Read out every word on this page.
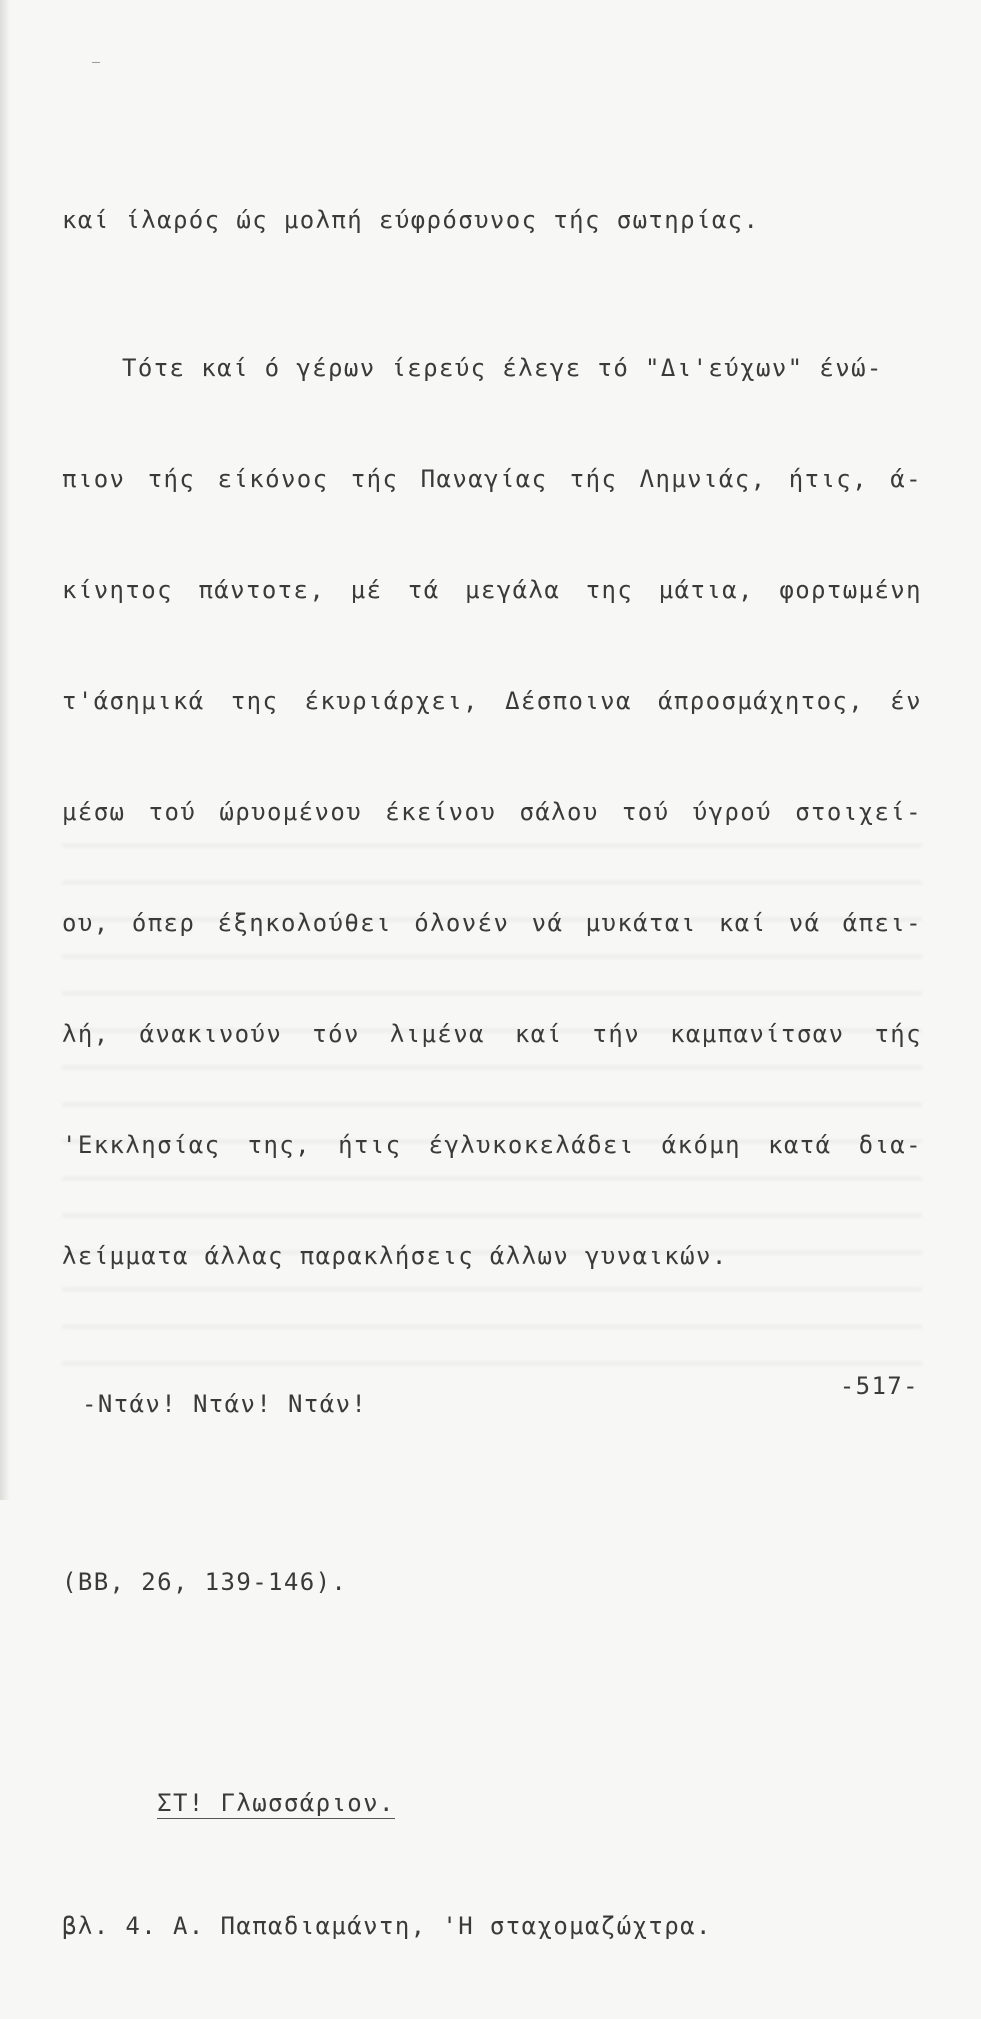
καί ίλαρός ώς μολπή εύφρόσυνος τής σωτηρίας.

Τότε καί ό γέρων ίερεύς έλεγε τό "Δι'εύχων" ένώ-

πιον τής είκόνος τής Παναγίας τής Λημνιάς, ήτις, ά-

κίνητος πάντοτε, μέ τά μεγάλα της μάτια, φορτωμένη

τ'άσημικά της έκυριάρχει, Δέσποινα άπροσμάχητος, έν

μέσω τού ώρυομένου έκείνου σάλου τού ύγρού στοιχεί-

ου, όπερ έξηκολούθει όλονέν νά μυκάται καί νά άπει-

λή, άνακινούν τόν λιμένα καί τήν καμπανίτσαν τής

'Εκκλησίας της, ήτις έγλυκοκελάδει άκόμη κατά δια-

λείμματα άλλας παρακλήσεις άλλων γυναικών.

-Ντάν! Ντάν! Ντάν!

(ΒΒ, 26, 139-146).

ΣΤ! Γλωσσάριον.

βλ. 4. Α. Παπαδιαμάντη, 'Η σταχομαζώχτρα.

-517-
